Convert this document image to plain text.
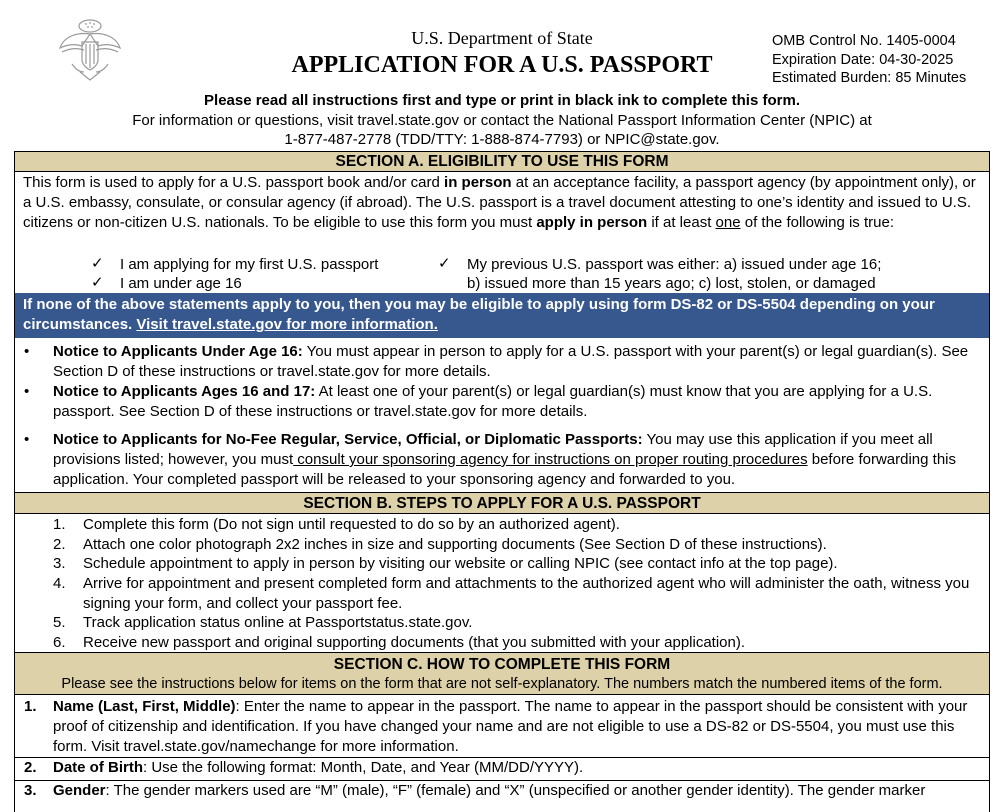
U.S. Department of State
APPLICATION FOR A U.S. PASSPORT
OMB Control No. 1405-0004
Expiration Date: 04-30-2025
Estimated Burden: 85 Minutes
Please read all instructions first and type or print in black ink to complete this form.
For information or questions, visit travel.state.gov or contact the National Passport Information Center (NPIC) at
1-877-487-2778 (TDD/TTY: 1-888-874-7793) or NPIC@state.gov.
SECTION A. ELIGIBILITY TO USE THIS FORM
This form is used to apply for a U.S. passport book and/or card in person at an acceptance facility, a passport agency (by appointment only), or a U.S. embassy, consulate, or consular agency (if abroad). The U.S. passport is a travel document attesting to one’s identity and issued to U.S. citizens or non-citizen U.S. nationals. To be eligible to use this form you must apply in person if at least one of the following is true:
✓ I am applying for my first U.S. passport
✓ I am under age 16
✓ My previous U.S. passport was either: a) issued under age 16;
b) issued more than 15 years ago; c) lost, stolen, or damaged
If none of the above statements apply to you, then you may be eligible to apply using form DS-82 or DS-5504 depending on your circumstances. Visit travel.state.gov for more information.
• Notice to Applicants Under Age 16: You must appear in person to apply for a U.S. passport with your parent(s) or legal guardian(s). See Section D of these instructions or travel.state.gov for more details.
• Notice to Applicants Ages 16 and 17: At least one of your parent(s) or legal guardian(s) must know that you are applying for a U.S. passport. See Section D of these instructions or travel.state.gov for more details.
• Notice to Applicants for No-Fee Regular, Service, Official, or Diplomatic Passports: You may use this application if you meet all provisions listed; however, you must consult your sponsoring agency for instructions on proper routing procedures before forwarding this application. Your completed passport will be released to your sponsoring agency and forwarded to you.
SECTION B. STEPS TO APPLY FOR A U.S. PASSPORT
1. Complete this form (Do not sign until requested to do so by an authorized agent).
2. Attach one color photograph 2x2 inches in size and supporting documents (See Section D of these instructions).
3. Schedule appointment to apply in person by visiting our website or calling NPIC (see contact info at the top page).
4. Arrive for appointment and present completed form and attachments to the authorized agent who will administer the oath, witness you signing your form, and collect your passport fee.
5. Track application status online at Passportstatus.state.gov.
6. Receive new passport and original supporting documents (that you submitted with your application).
SECTION C. HOW TO COMPLETE THIS FORM
Please see the instructions below for items on the form that are not self-explanatory. The numbers match the numbered items of the form.
1. Name (Last, First, Middle): Enter the name to appear in the passport. The name to appear in the passport should be consistent with your proof of citizenship and identification. If you have changed your name and are not eligible to use a DS-82 or DS-5504, you must use this form. Visit travel.state.gov/namechange for more information.
2. Date of Birth: Use the following format: Month, Date, and Year (MM/DD/YYYY).
3. Gender: The gender markers used are “M” (male), “F” (female) and “X” (unspecified or another gender identity). The gender marker
